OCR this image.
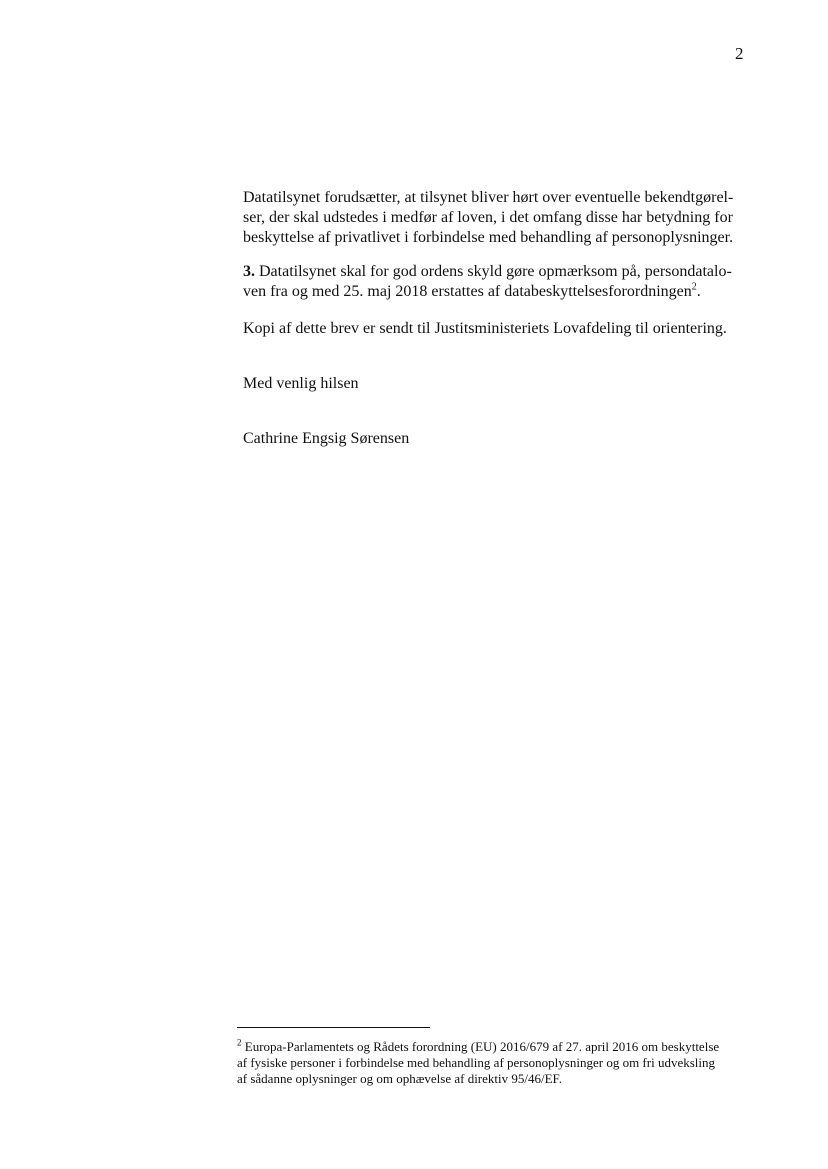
2

Datatilsynet forudsætter, at tilsynet bliver hørt over eventuelle bekendtgørel-
ser, der skal udstedes i medfør af loven, i det omfang disse har betydning for
beskyttelse af privatlivet i forbindelse med behandling af personoplysninger.

3. Datatilsynet skal for god ordens skyld gøre opmærksom på, persondatalo-
ven fra og med 25. maj 2018 erstattes af databeskyttelsesforordningen$^2$.

Kopi af dette brev er sendt til Justitsministeriets Lovafdeling til orientering.

Med venlig hilsen

Cathrine Engsig Sørensen

$^2$ Europa-Parlamentets og Rådets forordning (EU) 2016/679 af 27. april 2016 om beskyttelse
af fysiske personer i forbindelse med behandling af personoplysninger og om fri udveksling
af sådanne oplysninger og om ophævelse af direktiv 95/46/EF.
